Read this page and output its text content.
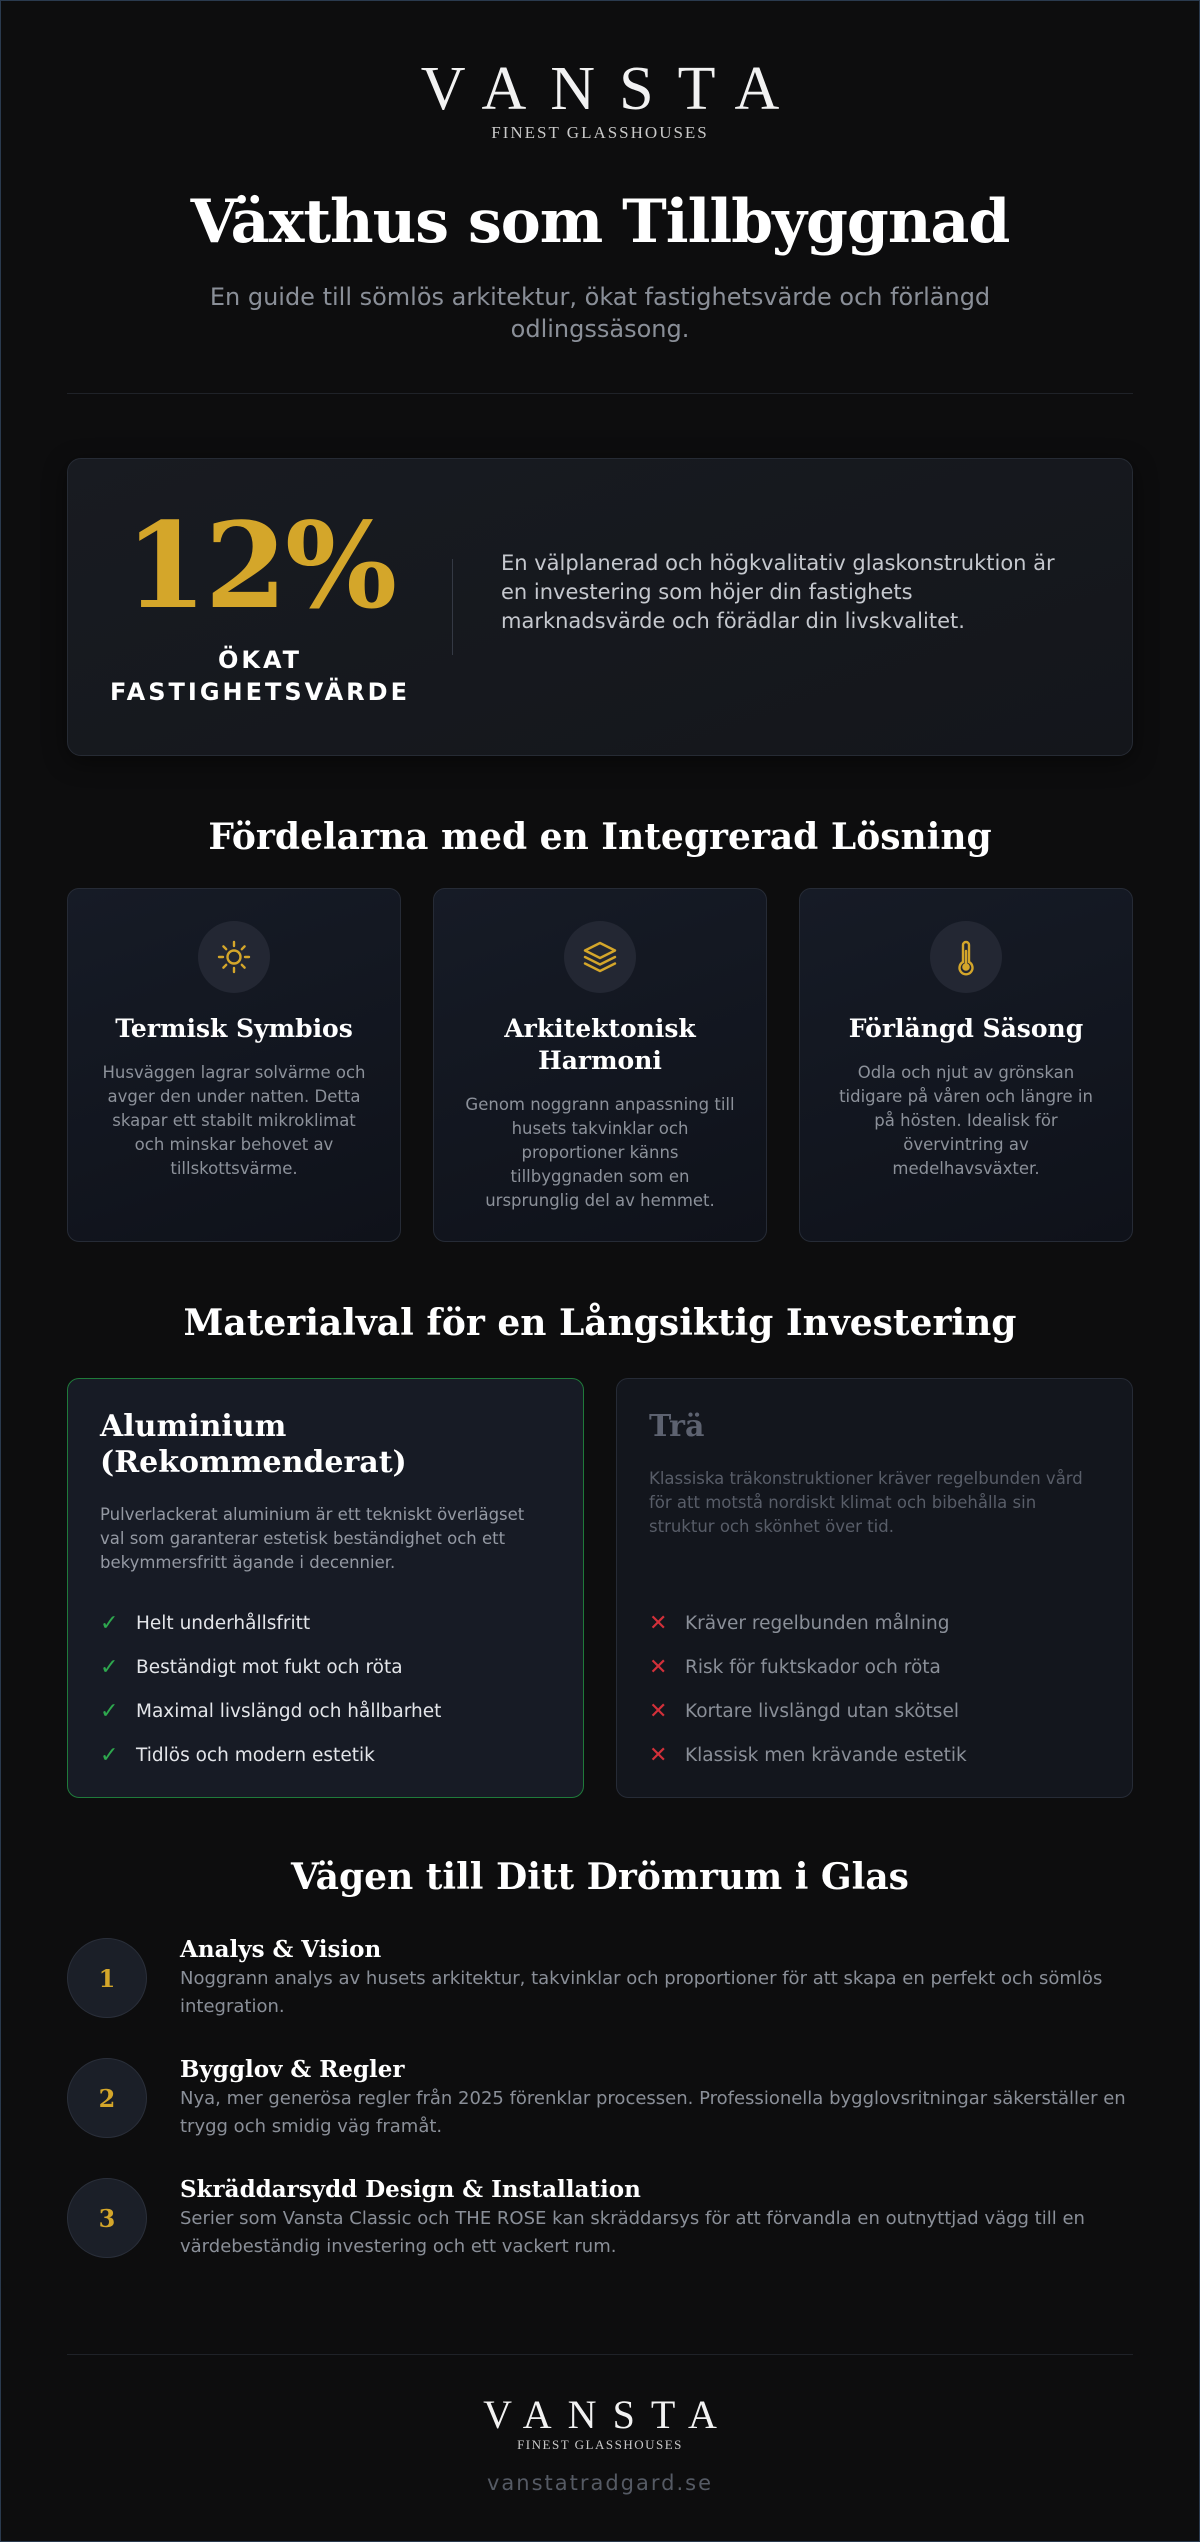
VANSTA
FINEST GLASSHOUSES
Växthus som Tillbyggnad

En guide till sömlös arkitektur, ökat fastighetsvärde och förlängd odlingssäsong.

12%
ÖKAT
FASTIGHETSVÄRDE

En välplanerad och högkvalitativ glaskonstruktion är en investering som höjer din fastighets marknadsvärde och förädlar din livskvalitet.

Fördelarna med en Integrerad Lösning
Termisk Symbios

Husväggen lagrar solvärme och avger den under natten. Detta skapar ett stabilt mikroklimat och minskar behovet av tillskottsvärme.

Arkitektonisk Harmoni

Genom noggrann anpassning till husets takvinklar och proportioner känns tillbyggnaden som en ursprunglig del av hemmet.

Förlängd Säsong

Odla och njut av grönskan tidigare på våren och längre in på hösten. Idealisk för övervintring av medelhavsväxter.

Materialval för en Långsiktig Investering
Aluminium (Rekommenderat)

Pulverlackerat aluminium är ett tekniskt överlägset val som garanterar estetisk beständighet och ett bekymmersfritt ägande i decennier.

✓ Helt underhållsfritt
✓ Beständigt mot fukt och röta
✓ Maximal livslängd och hållbarhet
✓ Tidlös och modern estetik
Trä

Klassiska träkonstruktioner kräver regelbunden vård för att motstå nordiskt klimat och bibehålla sin struktur och skönhet över tid.

✕ Kräver regelbunden målning
✕ Risk för fuktskador och röta
✕ Kortare livslängd utan skötsel
✕ Klassisk men krävande estetik
Vägen till Ditt Drömrum i Glas
1
Analys & Vision

Noggrann analys av husets arkitektur, takvinklar och proportioner för att skapa en perfekt och sömlös integration.

2
Bygglov & Regler

Nya, mer generösa regler från 2025 förenklar processen. Professionella bygglovsritningar säkerställer en trygg och smidig väg framåt.

3
Skräddarsydd Design & Installation

Serier som Vansta Classic och THE ROSE kan skräddarsys för att förvandla en outnyttjad vägg till en värdebeständig investering och ett vackert rum.

VANSTA
FINEST GLASSHOUSES
vanstatradgard.se
